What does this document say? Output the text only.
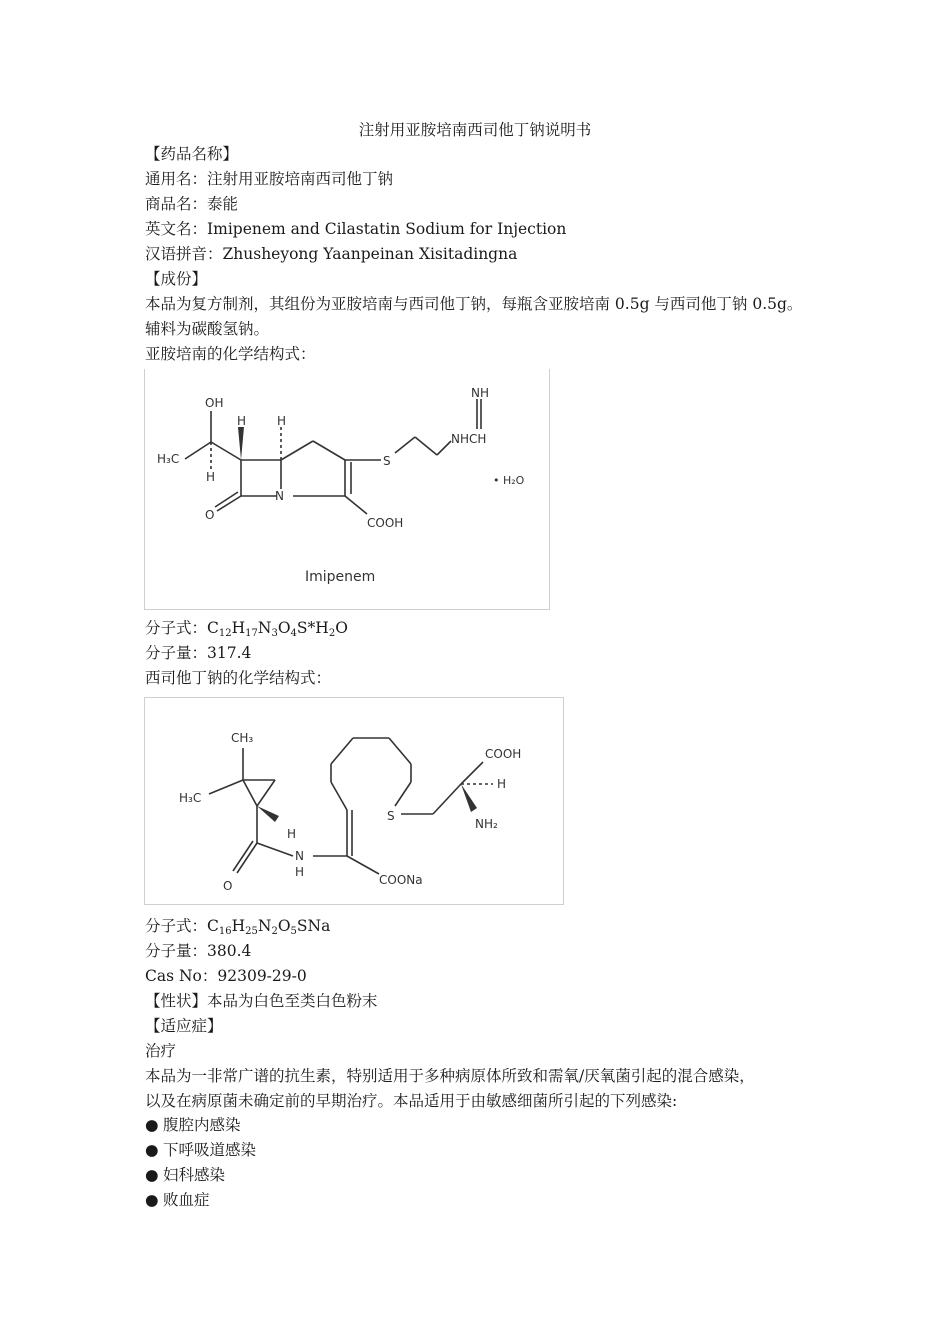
注射用亚胺培南西司他丁钠说明书
【药品名称】
通用名：注射用亚胺培南西司他丁钠
商品名：泰能
英文名：Imipenem and Cilastatin Sodium for Injection
汉语拼音：Zhusheyong Yaanpeinan Xisitadingna
【成份】
本品为复方制剂，其组份为亚胺培南与西司他丁钠，每瓶含亚胺培南 0.5g 与西司他丁钠 0.5g。
辅料为碳酸氢钠。
亚胺培南的化学结构式：
OH
H	H
H₃C
H
N
O
S
NH
NHCH
• H₂O
COOH
Imipenem
分子式：$C_{12}H_{17}N_3O_4S*H_2O$
分子量：317.4
西司他丁钠的化学结构式：
CH₃
H₃C
H
O
N
H
COONa
S
COOH
H
NH₂
分子式：$C_{16}H_{25}N_2O_5SNa$
分子量：380.4
Cas No：92309-29-0
【性状】本品为白色至类白色粉末
【适应症】
治疗
本品为一非常广谱的抗生素，特别适用于多种病原体所致和需氧/厌氧菌引起的混合感染，
以及在病原菌未确定前的早期治疗。本品适用于由敏感细菌所引起的下列感染:
● 腹腔内感染
● 下呼吸道感染
● 妇科感染
● 败血症
